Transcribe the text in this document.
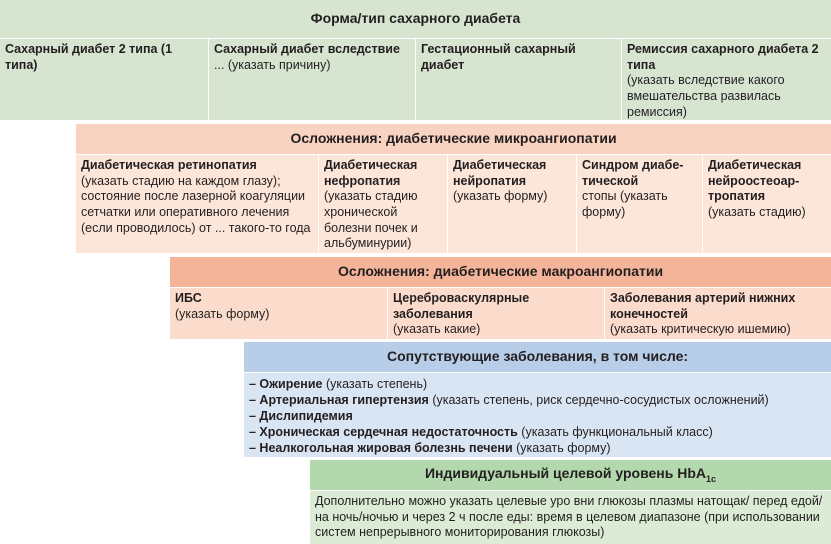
Форма/тип сахарного диабета
Сахарный диабет 2 типа (1 типа)
Сахарный диабет вследствие
... (указать причину)
Гестационный сахарный диабет
Ремиссия сахарного диабета 2 типа
(указать вследствие какого вмешательства развилась ремиссия)
Осложнения: диабетические микроангиопатии
Диабетическая ретинопатия
(указать стадию на каждом глазу); состояние после лазерной коагуляции сетчатки или оперативного лечения (если проводилось) от ... такого-то года
Диабетическая нефропатия
(указать стадию хронической болезни почек и альбуминурии)
Диабетическая нейропатия
(указать форму)
Синдром диабе-тической
стопы (указать форму)
Диабетическая нейроостеоар-тропатия
(указать стадию)
Осложнения: диабетические макроангиопатии
ИБС
(указать форму)
Цереброваскулярные заболевания
(указать какие)
Заболевания артерий нижних конечностей
(указать критическую ишемию)
Сопутствующие заболевания, в том числе:
– Ожирение (указать степень)
– Артериальная гипертензия (указать степень, риск сердечно-сосудистых осложнений)
– Дислипидемия
– Хроническая сердечная недостаточность (указать функциональный класс)
– Неалкогольная жировая болезнь печени (указать форму)
Индивидуальный целевой уровень HbA$_{1c}$
Дополнительно можно указать целевые уро вни глюкозы плазмы натощак/ перед едой/на ночь/ночью и через 2 ч после еды: время в целевом диапазоне (при использовании систем непрерывного мониторирования глюкозы)
